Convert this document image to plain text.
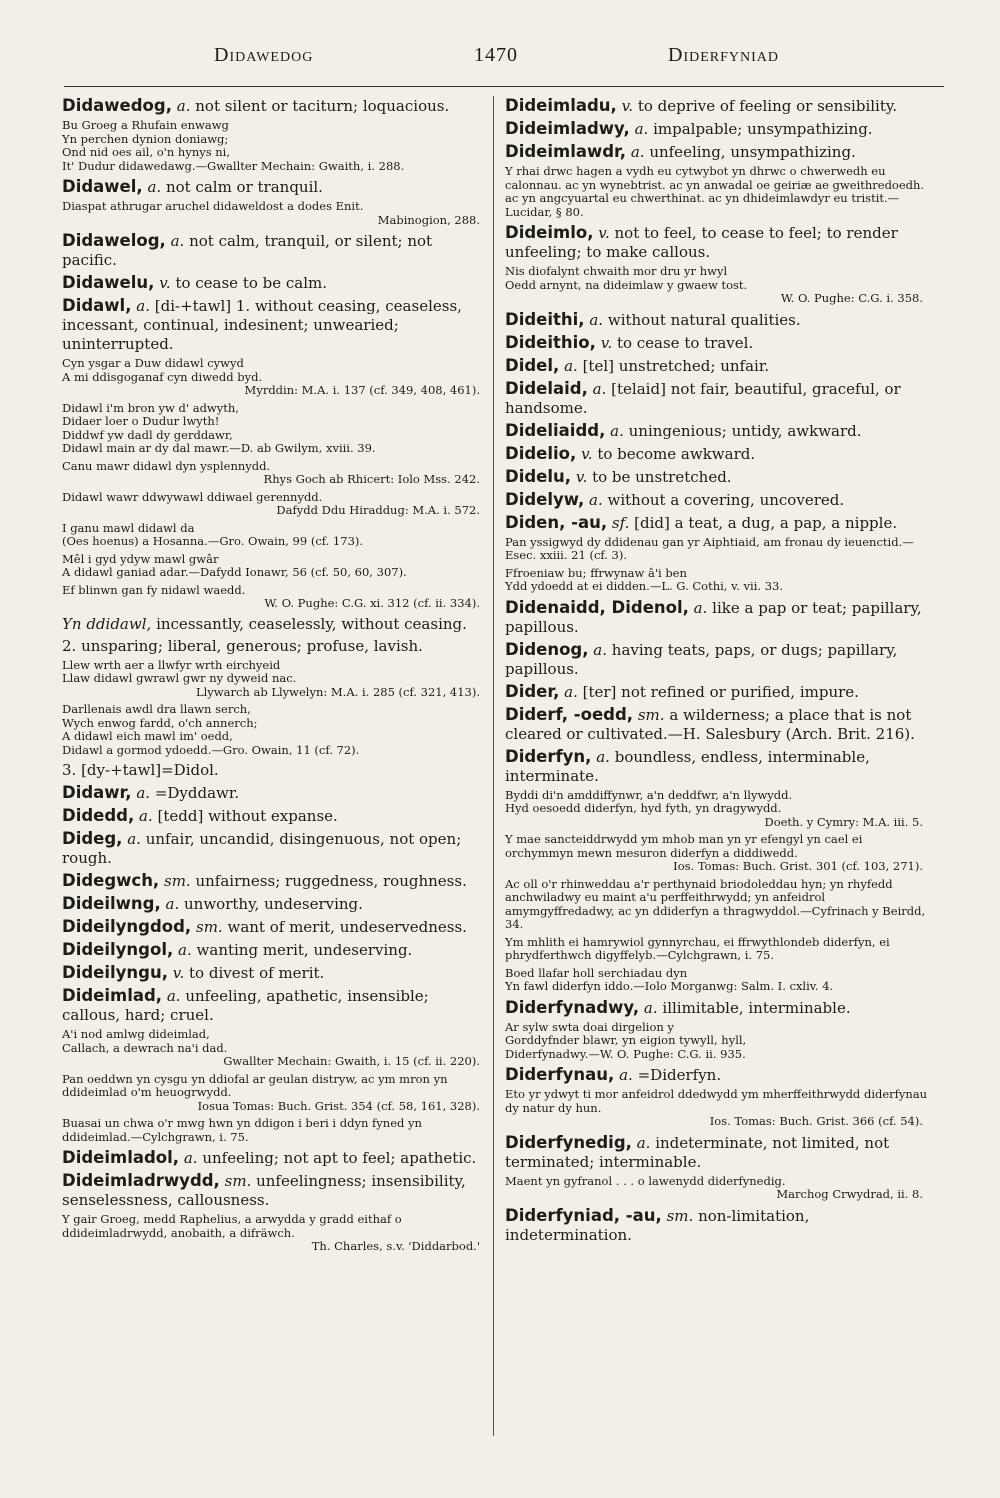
Didawedog	1470	Diderfyniad
Didawedog, a. not silent or taciturn; loquacious.
Bu Groeg a Rhufain enwawg
Yn perchen dynion doniawg;
Ond nid oes ail, o'n hynys ni,
It' Dudur didawedawg.—Gwallter Mechain: Gwaith, i. 288.
Didawel, a. not calm or tranquil.
Diaspat athrugar aruchel didaweldost a dodes Enit.
Mabinogion, 288.
Didawelog, a. not calm, tranquil, or silent; not pacific.
Didawelu, v. to cease to be calm.
Didawl, a. [di-+tawl] 1. without ceasing, ceaseless, incessant, continual, indesinent; unwearied; uninterrupted.
Cyn ysgar a Duw didawl cywyd
A mi ddisgoganaf cyn diwedd byd.
Myrddin: M.A. i. 137 (cf. 349, 408, 461).
Didawl i'm bron yw d' adwyth,
Didaer loer o Dudur lwyth!
Diddwf yw dadl dy gerddawr,
Didawl main ar dy dal mawr.—D. ab Gwilym, xviii. 39.
Canu mawr didawl dyn ysplennydd.
Rhys Goch ab Rhicert: Iolo Mss. 242.
Didawl wawr ddwywawl ddiwael gerennydd.
Dafydd Ddu Hiraddug: M.A. i. 572.
I ganu mawl didawl da
(Oes hoenus) a Hosanna.—Gro. Owain, 99 (cf. 173).
Mêl i gyd ydyw mawl gwâr
A didawl ganiad adar.—Dafydd Ionawr, 56 (cf. 50, 60, 307).
Ef blinwn gan fy nidawl waedd.
W. O. Pughe: C.G. xi. 312 (cf. ii. 334).
Yn ddidawl, incessantly, ceaselessly, without ceasing.
2. unsparing; liberal, generous; profuse, lavish.
Llew wrth aer a llwfyr wrth eirchyeid
Llaw didawl gwrawl gwr ny dyweid nac.
Llywarch ab Llywelyn: M.A. i. 285 (cf. 321, 413).
Darllenais awdl dra llawn serch,
Wych enwog fardd, o'ch annerch;
A didawl eich mawl im' oedd,
Didawl a gormod ydoedd.—Gro. Owain, 11 (cf. 72).
3. [dy-+tawl]=Didol.
Didawr, a. =Dyddawr.
Didedd, a. [tedd] without expanse.
Dideg, a. unfair, uncandid, disingenuous, not open; rough.
Didegwch, sm. unfairness; ruggedness, roughness.
Dideilwng, a. unworthy, undeserving.
Dideilyngdod, sm. want of merit, undeservedness.
Dideilyngol, a. wanting merit, undeserving.
Dideilyngu, v. to divest of merit.
Dideimlad, a. unfeeling, apathetic, insensible; callous, hard; cruel.
A'i nod amlwg dideimlad,
Callach, a dewrach na'i dad.
Gwallter Mechain: Gwaith, i. 15 (cf. ii. 220).
Pan oeddwn yn cysgu yn ddiofal ar geulan distryw, ac ym mron yn ddideimlad o'm heuogrwydd.
Iosua Tomas: Buch. Grist. 354 (cf. 58, 161, 328).
Buasai un chwa o'r mwg hwn yn ddigon i beri i ddyn fyned yn ddideimlad.—Cylchgrawn, i. 75.
Dideimladol, a. unfeeling; not apt to feel; apathetic.
Dideimladrwydd, sm. unfeelingness; insensibility, senselessness, callousness.
Y gair Groeg, medd Raphelius, a arwydda y gradd eithaf o ddideimladrwydd, anobaith, a difräwch.
Th. Charles, s.v. 'Diddarbod.'
Dideimladu, v. to deprive of feeling or sensibility.
Dideimladwy, a. impalpable; unsympathizing.
Dideimlawdr, a. unfeeling, unsympathizing.
Y rhai drwc hagen a vydh eu cytwybot yn dhrwc o chwerwedh eu calonnau. ac yn wynebtrist. ac yn anwadal oe geiriæ ae gweithredoedh. ac yn angcyuartal eu chwerthinat. ac yn dhideimlawdyr eu tristit.—Lucidar, § 80.
Dideimlo, v. not to feel, to cease to feel; to render unfeeling; to make callous.
Nis diofalynt chwaith mor dru yr hwyl
Oedd arnynt, na dideimlaw y gwaew tost.
W. O. Pughe: C.G. i. 358.
Dideithi, a. without natural qualities.
Dideithio, v. to cease to travel.
Didel, a. [tel] unstretched; unfair.
Didelaid, a. [telaid] not fair, beautiful, graceful, or handsome.
Dideliaidd, a. uningenious; untidy, awkward.
Didelio, v. to become awkward.
Didelu, v. to be unstretched.
Didelyw, a. without a covering, uncovered.
Diden, -au, sf. [did] a teat, a dug, a pap, a nipple.
Pan yssigwyd dy ddidenau gan yr Aiphtiaid, am fronau dy ieuenctid.—Esec. xxiii. 21 (cf. 3).
Ffroeniaw bu; ffrwynaw â'i ben
Ydd ydoedd at ei didden.—L. G. Cothi, v. vii. 33.
Didenaidd, Didenol, a. like a pap or teat; papillary, papillous.
Didenog, a. having teats, paps, or dugs; papillary, papillous.
Dider, a. [ter] not refined or purified, impure.
Diderf, -oedd, sm. a wilderness; a place that is not cleared or cultivated.—H. Salesbury (Arch. Brit. 216).
Diderfyn, a. boundless, endless, interminable, interminate.
Byddi di'n amddiffynwr, a'n deddfwr, a'n llywydd.
Hyd oesoedd diderfyn, hyd fyth, yn dragywydd.
Doeth. y Cymry: M.A. iii. 5.
Y mae sancteiddrwydd ym mhob man yn yr efengyl yn cael ei orchymmyn mewn mesuron diderfyn a diddiwedd.
Ios. Tomas: Buch. Grist. 301 (cf. 103, 271).
Ac oll o'r rhinweddau a'r perthynaid briodoleddau hyn; yn rhyfedd anchwiladwy eu maint a'u perffeithrwydd; yn anfeidrol amymgyffredadwy, ac yn ddiderfyn a thragwyddol.—Cyfrinach y Beirdd, 34.
Ym mhlith ei hamrywiol gynnyrchau, ei ffrwythlondeb diderfyn, ei phrydferthwch digyffelyb.—Cylchgrawn, i. 75.
Boed llafar holl serchiadau dyn
Yn fawl diderfyn iddo.—Iolo Morganwg: Salm. I. cxliv. 4.
Diderfynadwy, a. illimitable, interminable.
Ar sylw swta doai dirgelion y
Gorddyfnder blawr, yn eigion tywyll, hyll,
Diderfynadwy.—W. O. Pughe: C.G. ii. 935.
Diderfynau, a. =Diderfyn.
Eto yr ydwyt ti mor anfeidrol ddedwydd ym mherffeithrwydd diderfynau dy natur dy hun.
Ios. Tomas: Buch. Grist. 366 (cf. 54).
Diderfynedig, a. indeterminate, not limited, not terminated; interminable.
Maent yn gyfranol . . . o lawenydd diderfynedig.
Marchog Crwydrad, ii. 8.
Diderfyniad, -au, sm. non-limitation, indetermination.
